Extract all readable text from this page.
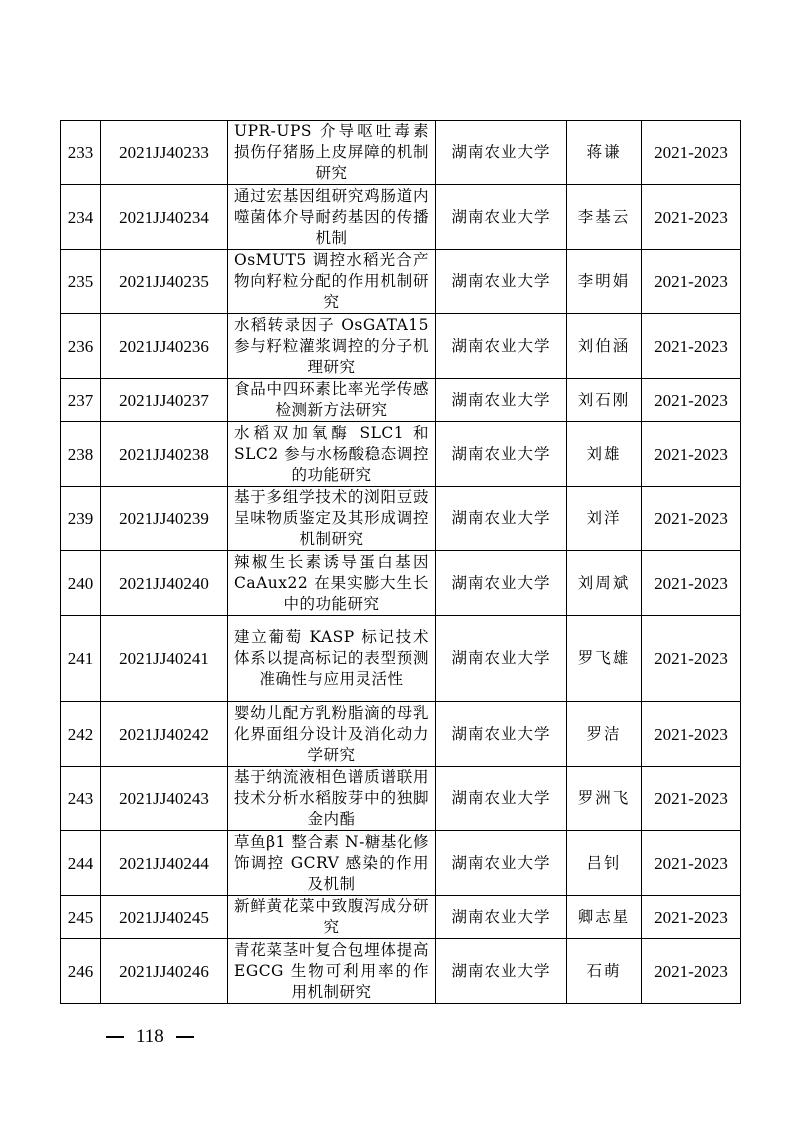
233	2021JJ40233	UPR-UPS 介导呕吐毒素损伤仔猪肠上皮屏障的机制研究	湖南农业大学	蒋谦	2021-2023
234	2021JJ40234	通过宏基因组研究鸡肠道内噬菌体介导耐药基因的传播机制	湖南农业大学	李基云	2021-2023
235	2021JJ40235	OsMUT5 调控水稻光合产物向籽粒分配的作用机制研究	湖南农业大学	李明娟	2021-2023
236	2021JJ40236	水稻转录因子 OsGATA15 参与籽粒灌浆调控的分子机理研究	湖南农业大学	刘伯涵	2021-2023
237	2021JJ40237	食品中四环素比率光学传感检测新方法研究	湖南农业大学	刘石刚	2021-2023
238	2021JJ40238	水稻双加氧酶 SLC1 和 SLC2 参与水杨酸稳态调控的功能研究	湖南农业大学	刘雄	2021-2023
239	2021JJ40239	基于多组学技术的浏阳豆豉呈味物质鉴定及其形成调控机制研究	湖南农业大学	刘洋	2021-2023
240	2021JJ40240	辣椒生长素诱导蛋白基因 CaAux22 在果实膨大生长中的功能研究	湖南农业大学	刘周斌	2021-2023
241	2021JJ40241	建立葡萄 KASP 标记技术体系以提高标记的表型预测准确性与应用灵活性	湖南农业大学	罗飞雄	2021-2023
242	2021JJ40242	婴幼儿配方乳粉脂滴的母乳化界面组分设计及消化动力学研究	湖南农业大学	罗洁	2021-2023
243	2021JJ40243	基于纳流液相色谱质谱联用技术分析水稻胺芽中的独脚金内酯	湖南农业大学	罗洲飞	2021-2023
244	2021JJ40244	草鱼β1 整合素 N-糖基化修饰调控 GCRV 感染的作用及机制	湖南农业大学	吕钊	2021-2023
245	2021JJ40245	新鲜黄花菜中致腹泻成分研究	湖南农业大学	卿志星	2021-2023
246	2021JJ40246	青花菜茎叶复合包埋体提高 EGCG 生物可利用率的作用机制研究	湖南农业大学	石萌	2021-2023
118
